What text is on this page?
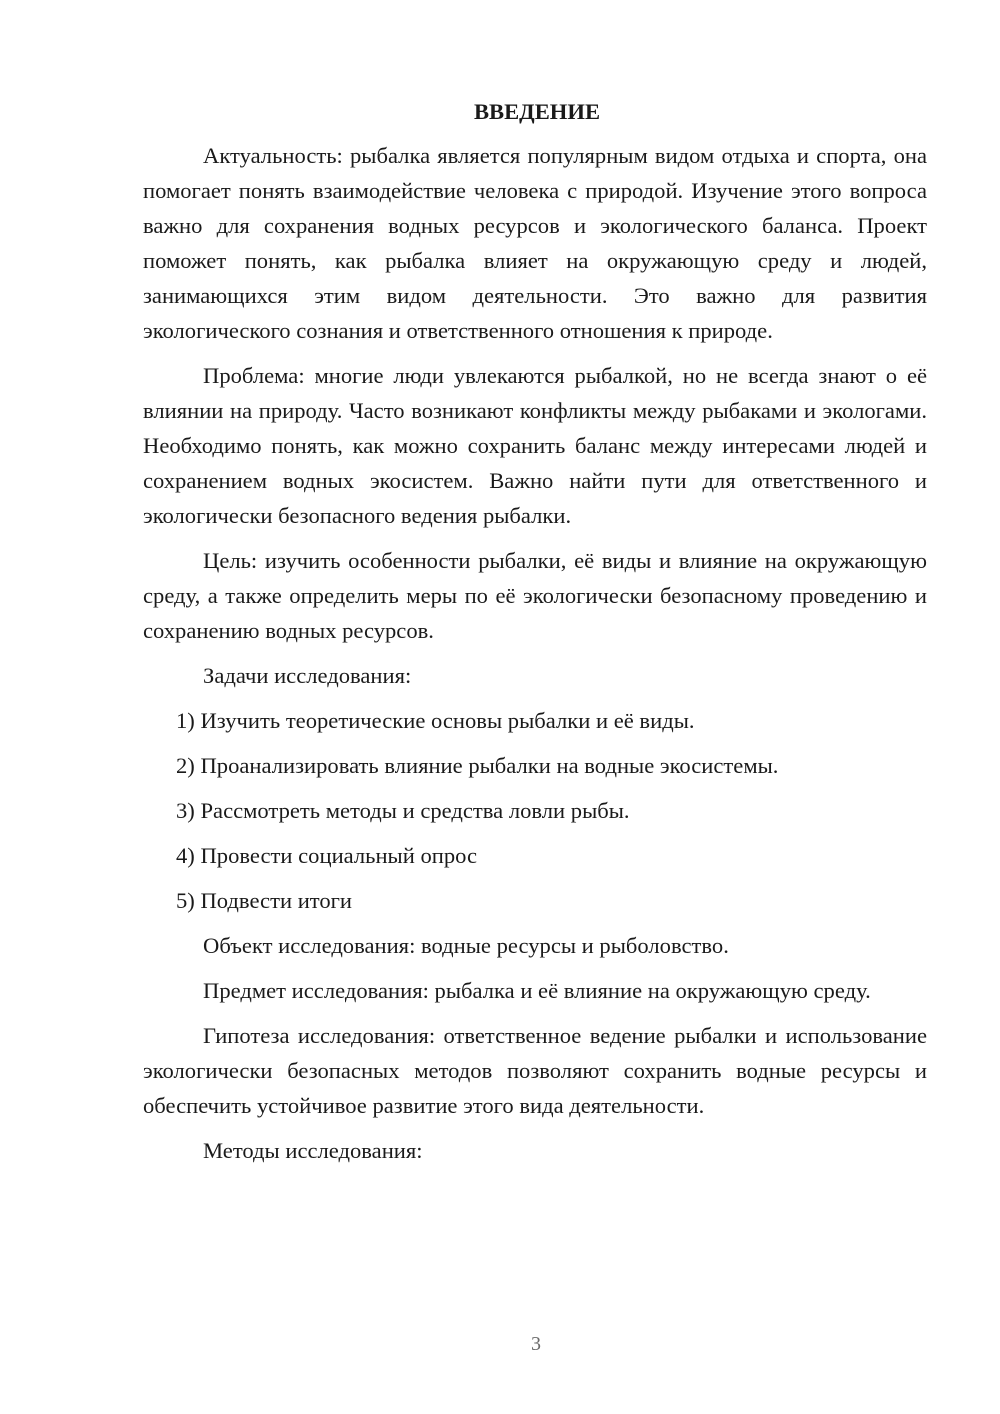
ВВЕДЕНИЕ

Актуальность: рыбалка является популярным видом отдыха и спорта, она помогает понять взаимодействие человека с природой. Изучение этого вопроса важно для сохранения водных ресурсов и экологического баланса. Проект поможет понять, как рыбалка влияет на окружающую среду и людей, занимающихся этим видом деятельности. Это важно для развития экологического сознания и ответственного отношения к природе.

Проблема: многие люди увлекаются рыбалкой, но не всегда знают о её влиянии на природу. Часто возникают конфликты между рыбаками и экологами. Необходимо понять, как можно сохранить баланс между интересами людей и сохранением водных экосистем. Важно найти пути для ответственного и экологически безопасного ведения рыбалки.

Цель: изучить особенности рыбалки, её виды и влияние на окружающую среду, а также определить меры по её экологически безопасному проведению и сохранению водных ресурсов.

Задачи исследования:

1) Изучить теоретические основы рыбалки и её виды.

2) Проанализировать влияние рыбалки на водные экосистемы.

3) Рассмотреть методы и средства ловли рыбы.

4) Провести социальный опрос

5) Подвести итоги

Объект исследования: водные ресурсы и рыболовство.

Предмет исследования: рыбалка и её влияние на окружающую среду.

Гипотеза исследования: ответственное ведение рыбалки и использование экологически безопасных методов позволяют сохранить водные ресурсы и обеспечить устойчивое развитие этого вида деятельности.

Методы исследования:

3
